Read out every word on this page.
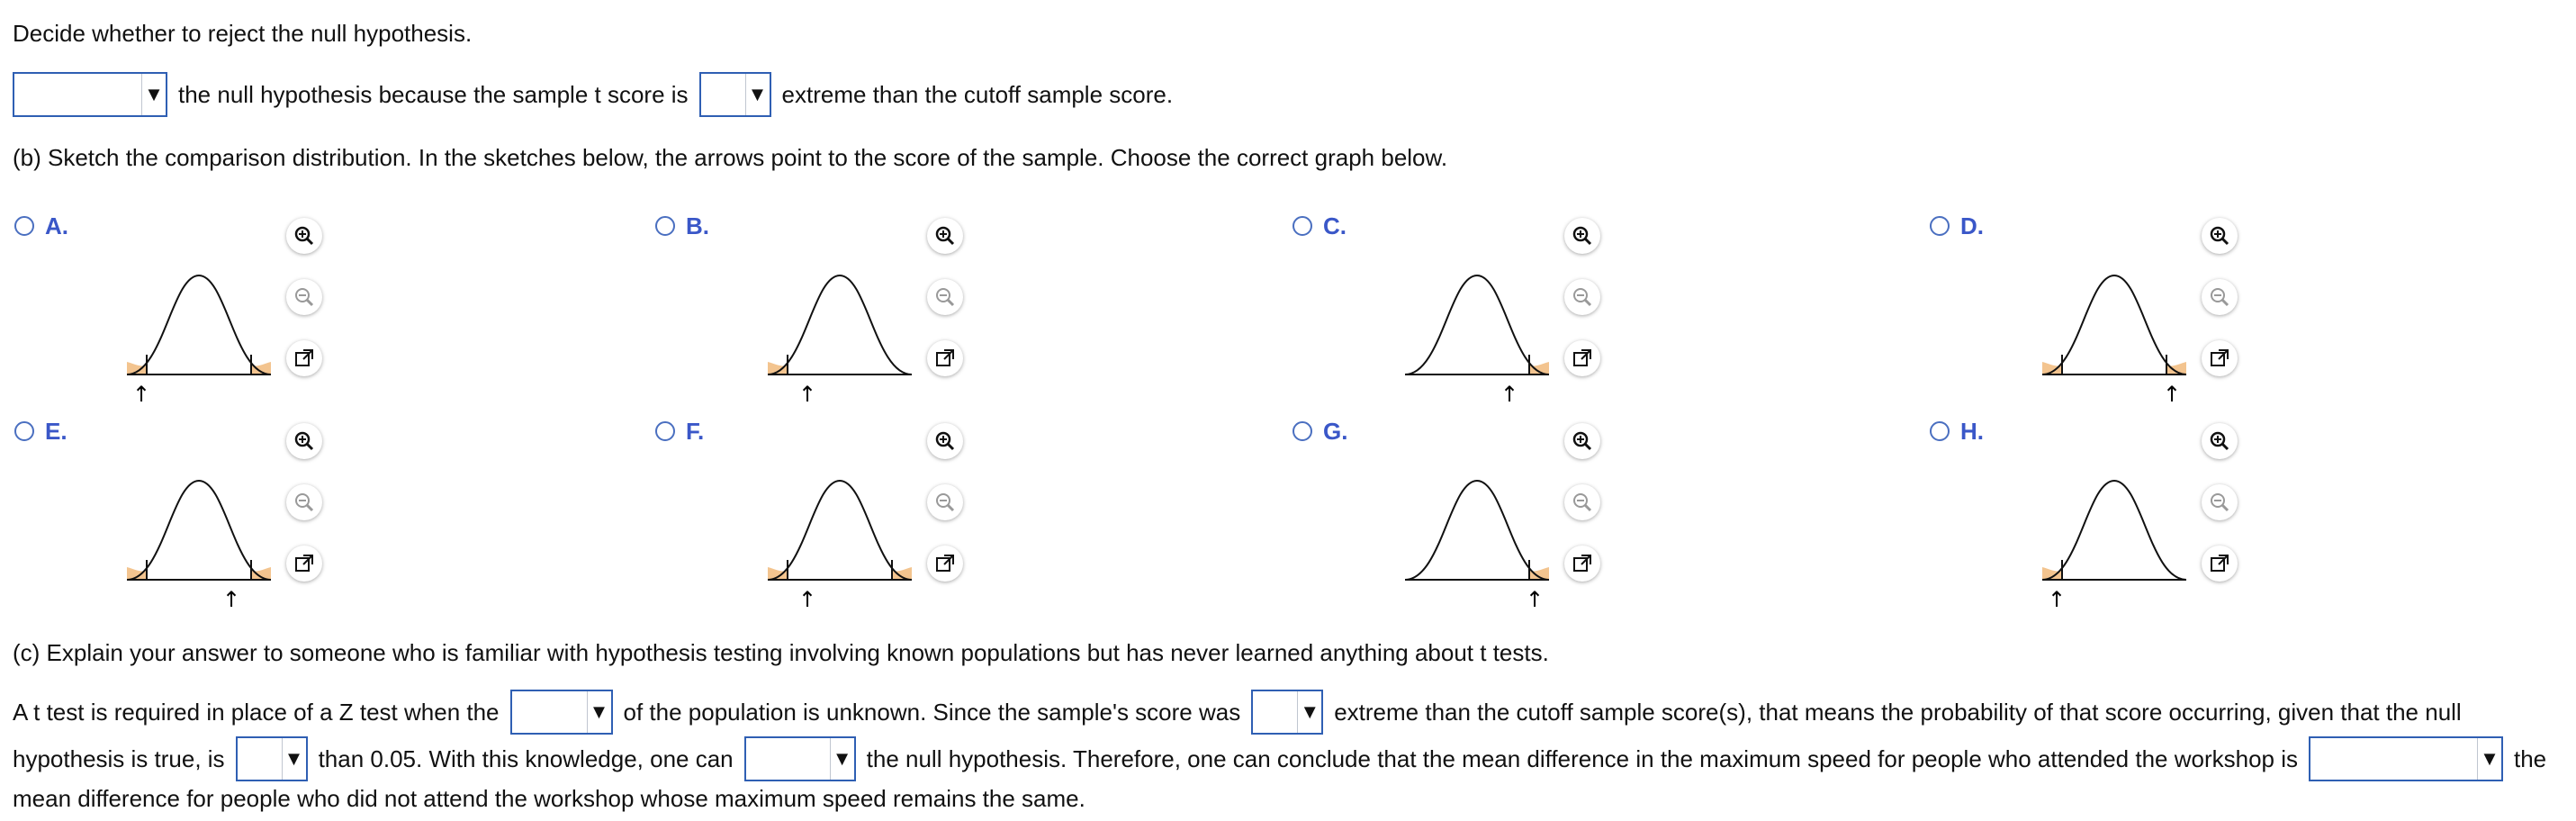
Decide whether to reject the null hypothesis.
▼ the null hypothesis because the sample t score is	▼ extreme than the cutoff sample score.
(b) Sketch the comparison distribution. In the sketches below, the arrows point to the score of the sample. Choose the correct graph below.
A.
↑
B.
↑
C.
↑
D.
↑
E.
↑
F.
↑
G.
↑
H.
↑
(c) Explain your answer to someone who is familiar with hypothesis testing involving known populations but has never learned anything about t tests.
A t test is required in place of a Z test when the	▼ of the population is unknown. Since the sample's score was	▼ extreme than the cutoff sample score(s), that means the probability of that score occurring, given that the null
hypothesis is true, is	▼ than 0.05. With this knowledge, one can	▼ the null hypothesis. Therefore, one can conclude that the mean difference in the maximum speed for people who attended the workshop is	▼ the
mean difference for people who did not attend the workshop whose maximum speed remains the same.
